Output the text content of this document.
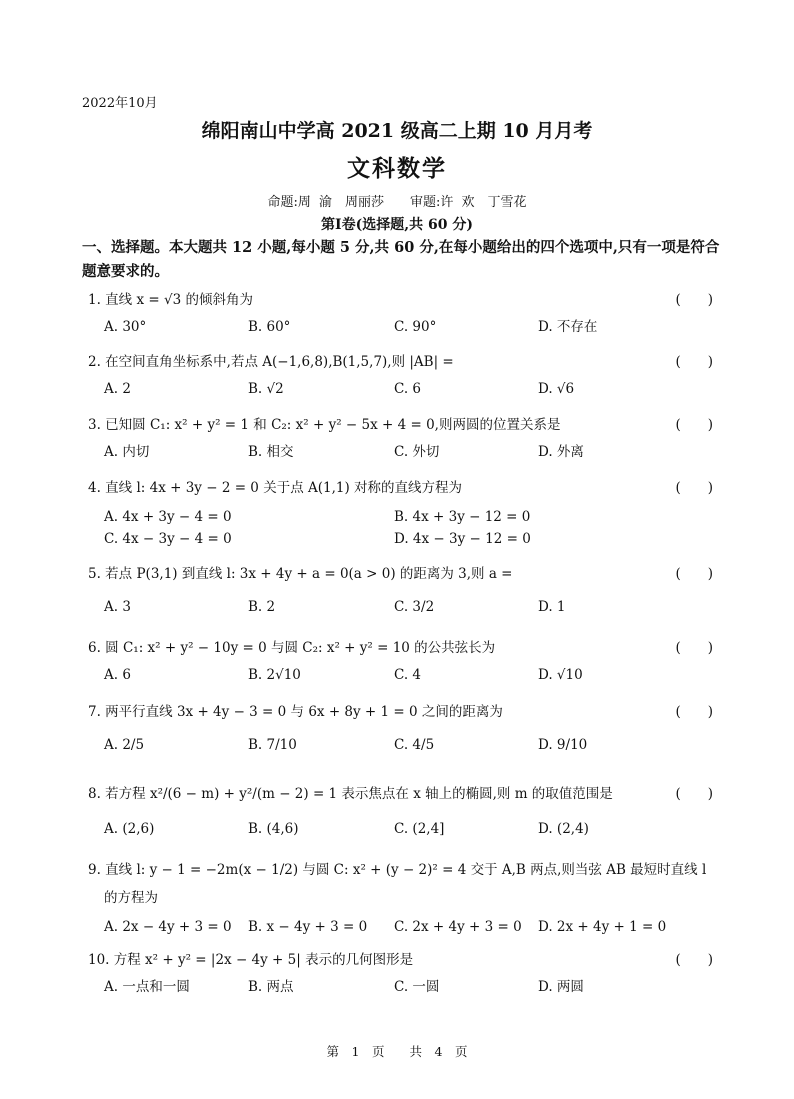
2022年10月
绵阳南山中学高 2021 级高二上期 10 月月考
文科数学
命题:周 渝　周丽莎　　审题:许 欢　丁雪花
第Ⅰ卷(选择题,共 60 分)
一、选择题。本大题共 12 小题,每小题 5 分,共 60 分,在每小题给出的四个选项中,只有一项是符合题意要求的。
1. 直线 x = √3 的倾斜角为	(　　)
A. 30°	B. 60°	C. 90°	D. 不存在
2. 在空间直角坐标系中,若点 A(−1,6,8),B(1,5,7),则 |AB| =	(　　)
A. 2	B. √2	C. 6	D. √6
3. 已知圆 C₁: x² + y² = 1 和 C₂: x² + y² − 5x + 4 = 0,则两圆的位置关系是	(　　)
A. 内切	B. 相交	C. 外切	D. 外离
4. 直线 l: 4x + 3y − 2 = 0 关于点 A(1,1) 对称的直线方程为	(　　)
A. 4x + 3y − 4 = 0	B. 4x + 3y − 12 = 0
C. 4x − 3y − 4 = 0	D. 4x − 3y − 12 = 0
5. 若点 P(3,1) 到直线 l: 3x + 4y + a = 0(a > 0) 的距离为 3,则 a =	(　　)
A. 3	B. 2	C. 3/2	D. 1
6. 圆 C₁: x² + y² − 10y = 0 与圆 C₂: x² + y² = 10 的公共弦长为	(　　)
A. 6	B. 2√10	C. 4	D. √10
7. 两平行直线 3x + 4y − 3 = 0 与 6x + 8y + 1 = 0 之间的距离为	(　　)
A. 2/5	B. 7/10	C. 4/5	D. 9/10
8. 若方程 x²/(6 − m) + y²/(m − 2) = 1 表示焦点在 x 轴上的椭圆,则 m 的取值范围是	(　　)
A. (2,6)	B. (4,6)	C. (2,4]	D. (2,4)
9. 直线 l: y − 1 = −2m(x − 1/2) 与圆 C: x² + (y − 2)² = 4 交于 A,B 两点,则当弦 AB 最短时直线 l
的方程为
A. 2x − 4y + 3 = 0 B. x − 4y + 3 = 0 C. 2x + 4y + 3 = 0 D. 2x + 4y + 1 = 0
10. 方程 x² + y² = |2x − 4y + 5| 表示的几何图形是	(　　)
A. 一点和一圆	B. 两点	C. 一圆	D. 两圆
第　1　页　　共　4　页
